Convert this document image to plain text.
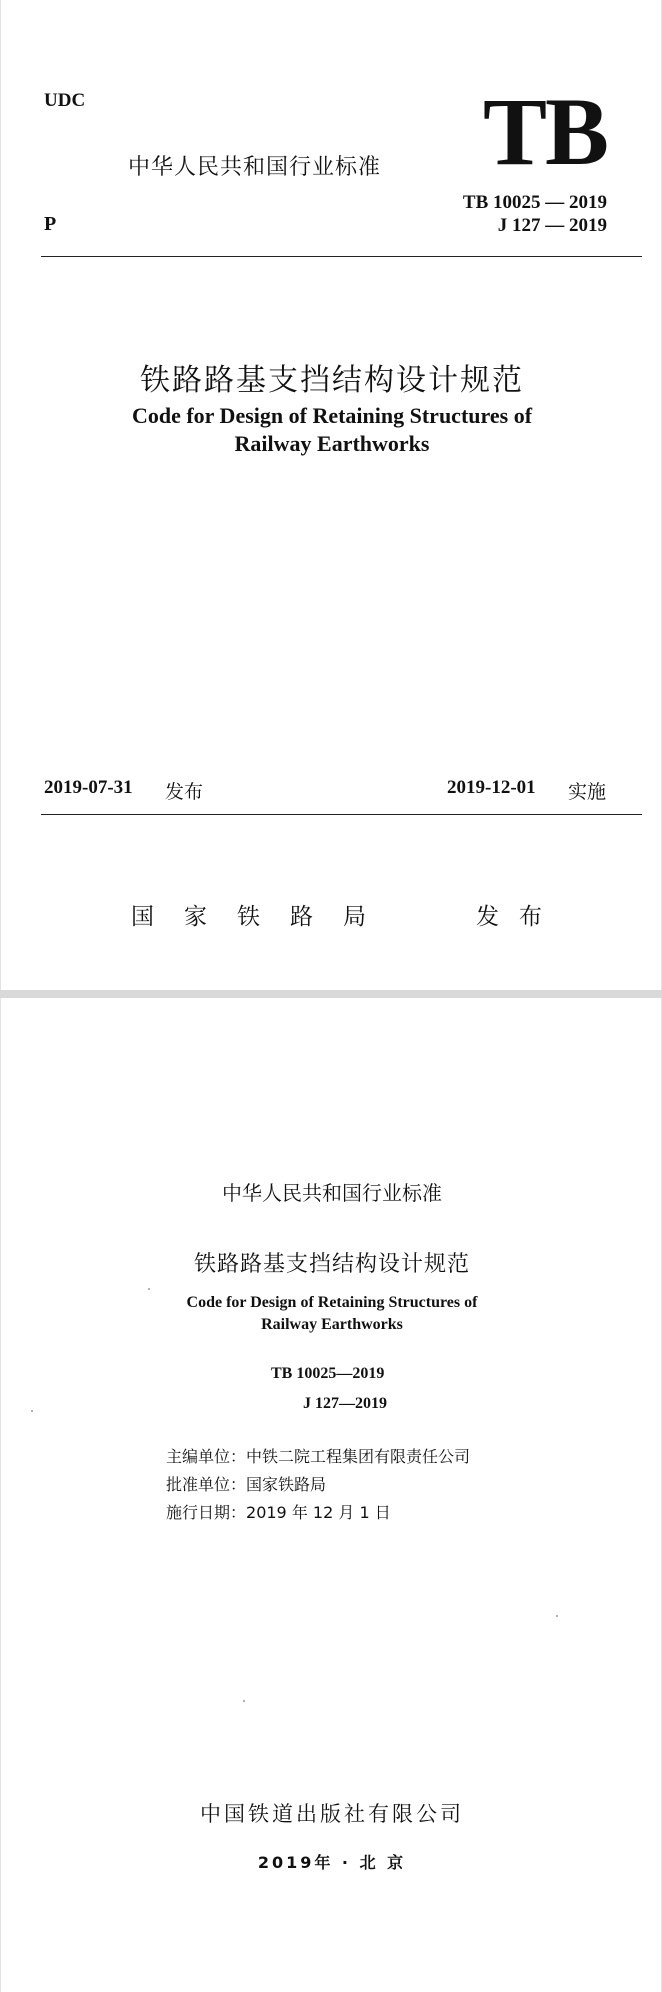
UDC
中华人民共和国行业标准 TB
TB 10025 — 2019
J 127 — 2019
P
铁路路基支挡结构设计规范
Code for Design of Retaining Structures of
Railway Earthworks
2019-07-31 发布	2019-12-01 实施
国家铁路局	发布
中华人民共和国行业标准
铁路路基支挡结构设计规范
Code for Design of Retaining Structures of
Railway Earthworks
TB 10025—2019
J 127—2019
主编单位：中铁二院工程集团有限责任公司
批准单位：国家铁路局
施行日期：2019 年 12 月 1 日
中国铁道出版社有限公司
2019年 · 北 京
